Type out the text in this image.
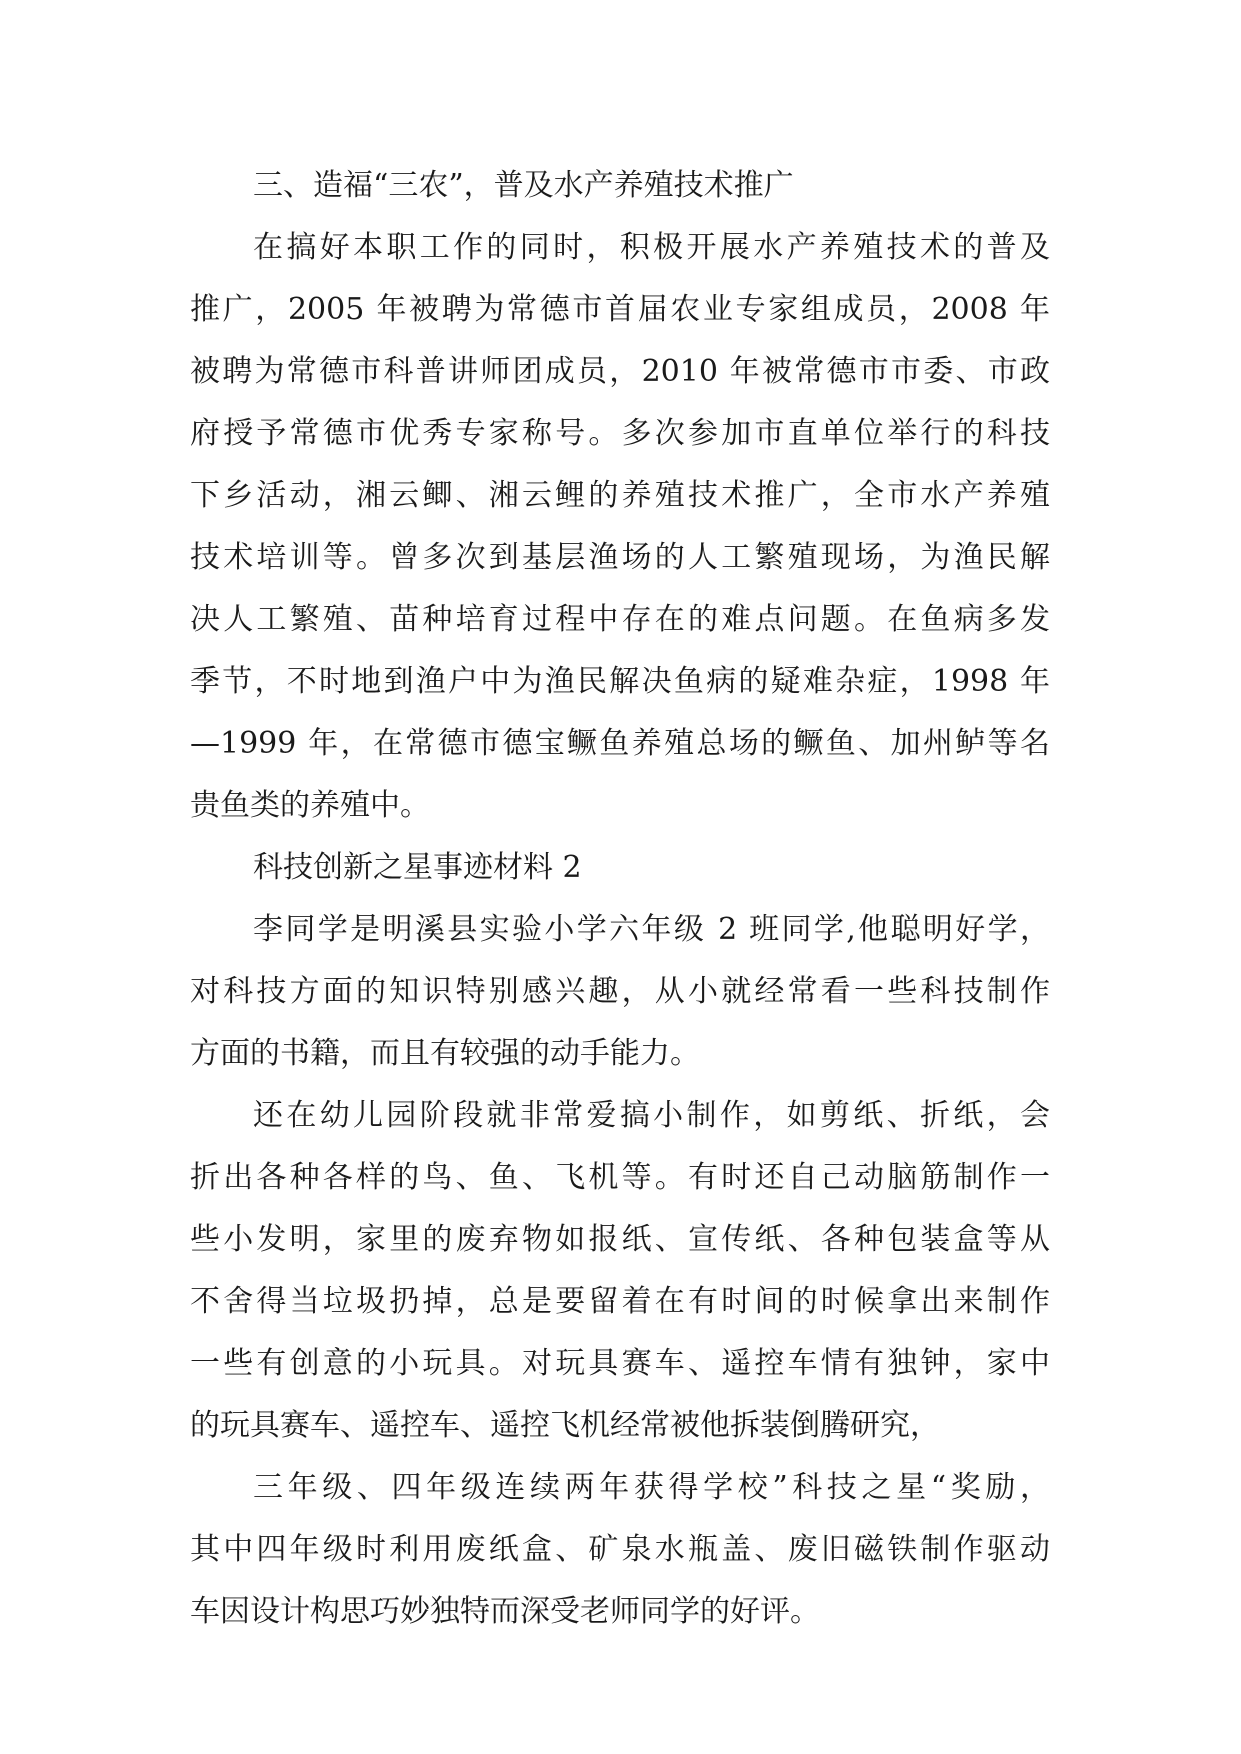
三、造福“三农”，普及水产养殖技术推广
在搞好本职工作的同时，积极开展水产养殖技术的普及
推广，2005 年被聘为常德市首届农业专家组成员，2008 年
被聘为常德市科普讲师团成员，2010 年被常德市市委、市政
府授予常德市优秀专家称号。多次参加市直单位举行的科技
下乡活动，湘云鲫、湘云鲤的养殖技术推广，全市水产养殖
技术培训等。曾多次到基层渔场的人工繁殖现场，为渔民解
决人工繁殖、苗种培育过程中存在的难点问题。在鱼病多发
季节，不时地到渔户中为渔民解决鱼病的疑难杂症，1998 年
—1999 年，在常德市德宝鳜鱼养殖总场的鳜鱼、加州鲈等名
贵鱼类的养殖中。
科技创新之星事迹材料 2
李同学是明溪县实验小学六年级 2 班同学,他聪明好学，
对科技方面的知识特别感兴趣，从小就经常看一些科技制作
方面的书籍，而且有较强的动手能力。
还在幼儿园阶段就非常爱搞小制作，如剪纸、折纸，会
折出各种各样的鸟、鱼、飞机等。有时还自己动脑筋制作一
些小发明，家里的废弃物如报纸、宣传纸、各种包装盒等从
不舍得当垃圾扔掉，总是要留着在有时间的时候拿出来制作
一些有创意的小玩具。对玩具赛车、遥控车情有独钟，家中
的玩具赛车、遥控车、遥控飞机经常被他拆装倒腾研究，
三年级、四年级连续两年获得学校”科技之星“奖励，
其中四年级时利用废纸盒、矿泉水瓶盖、废旧磁铁制作驱动
车因设计构思巧妙独特而深受老师同学的好评。
